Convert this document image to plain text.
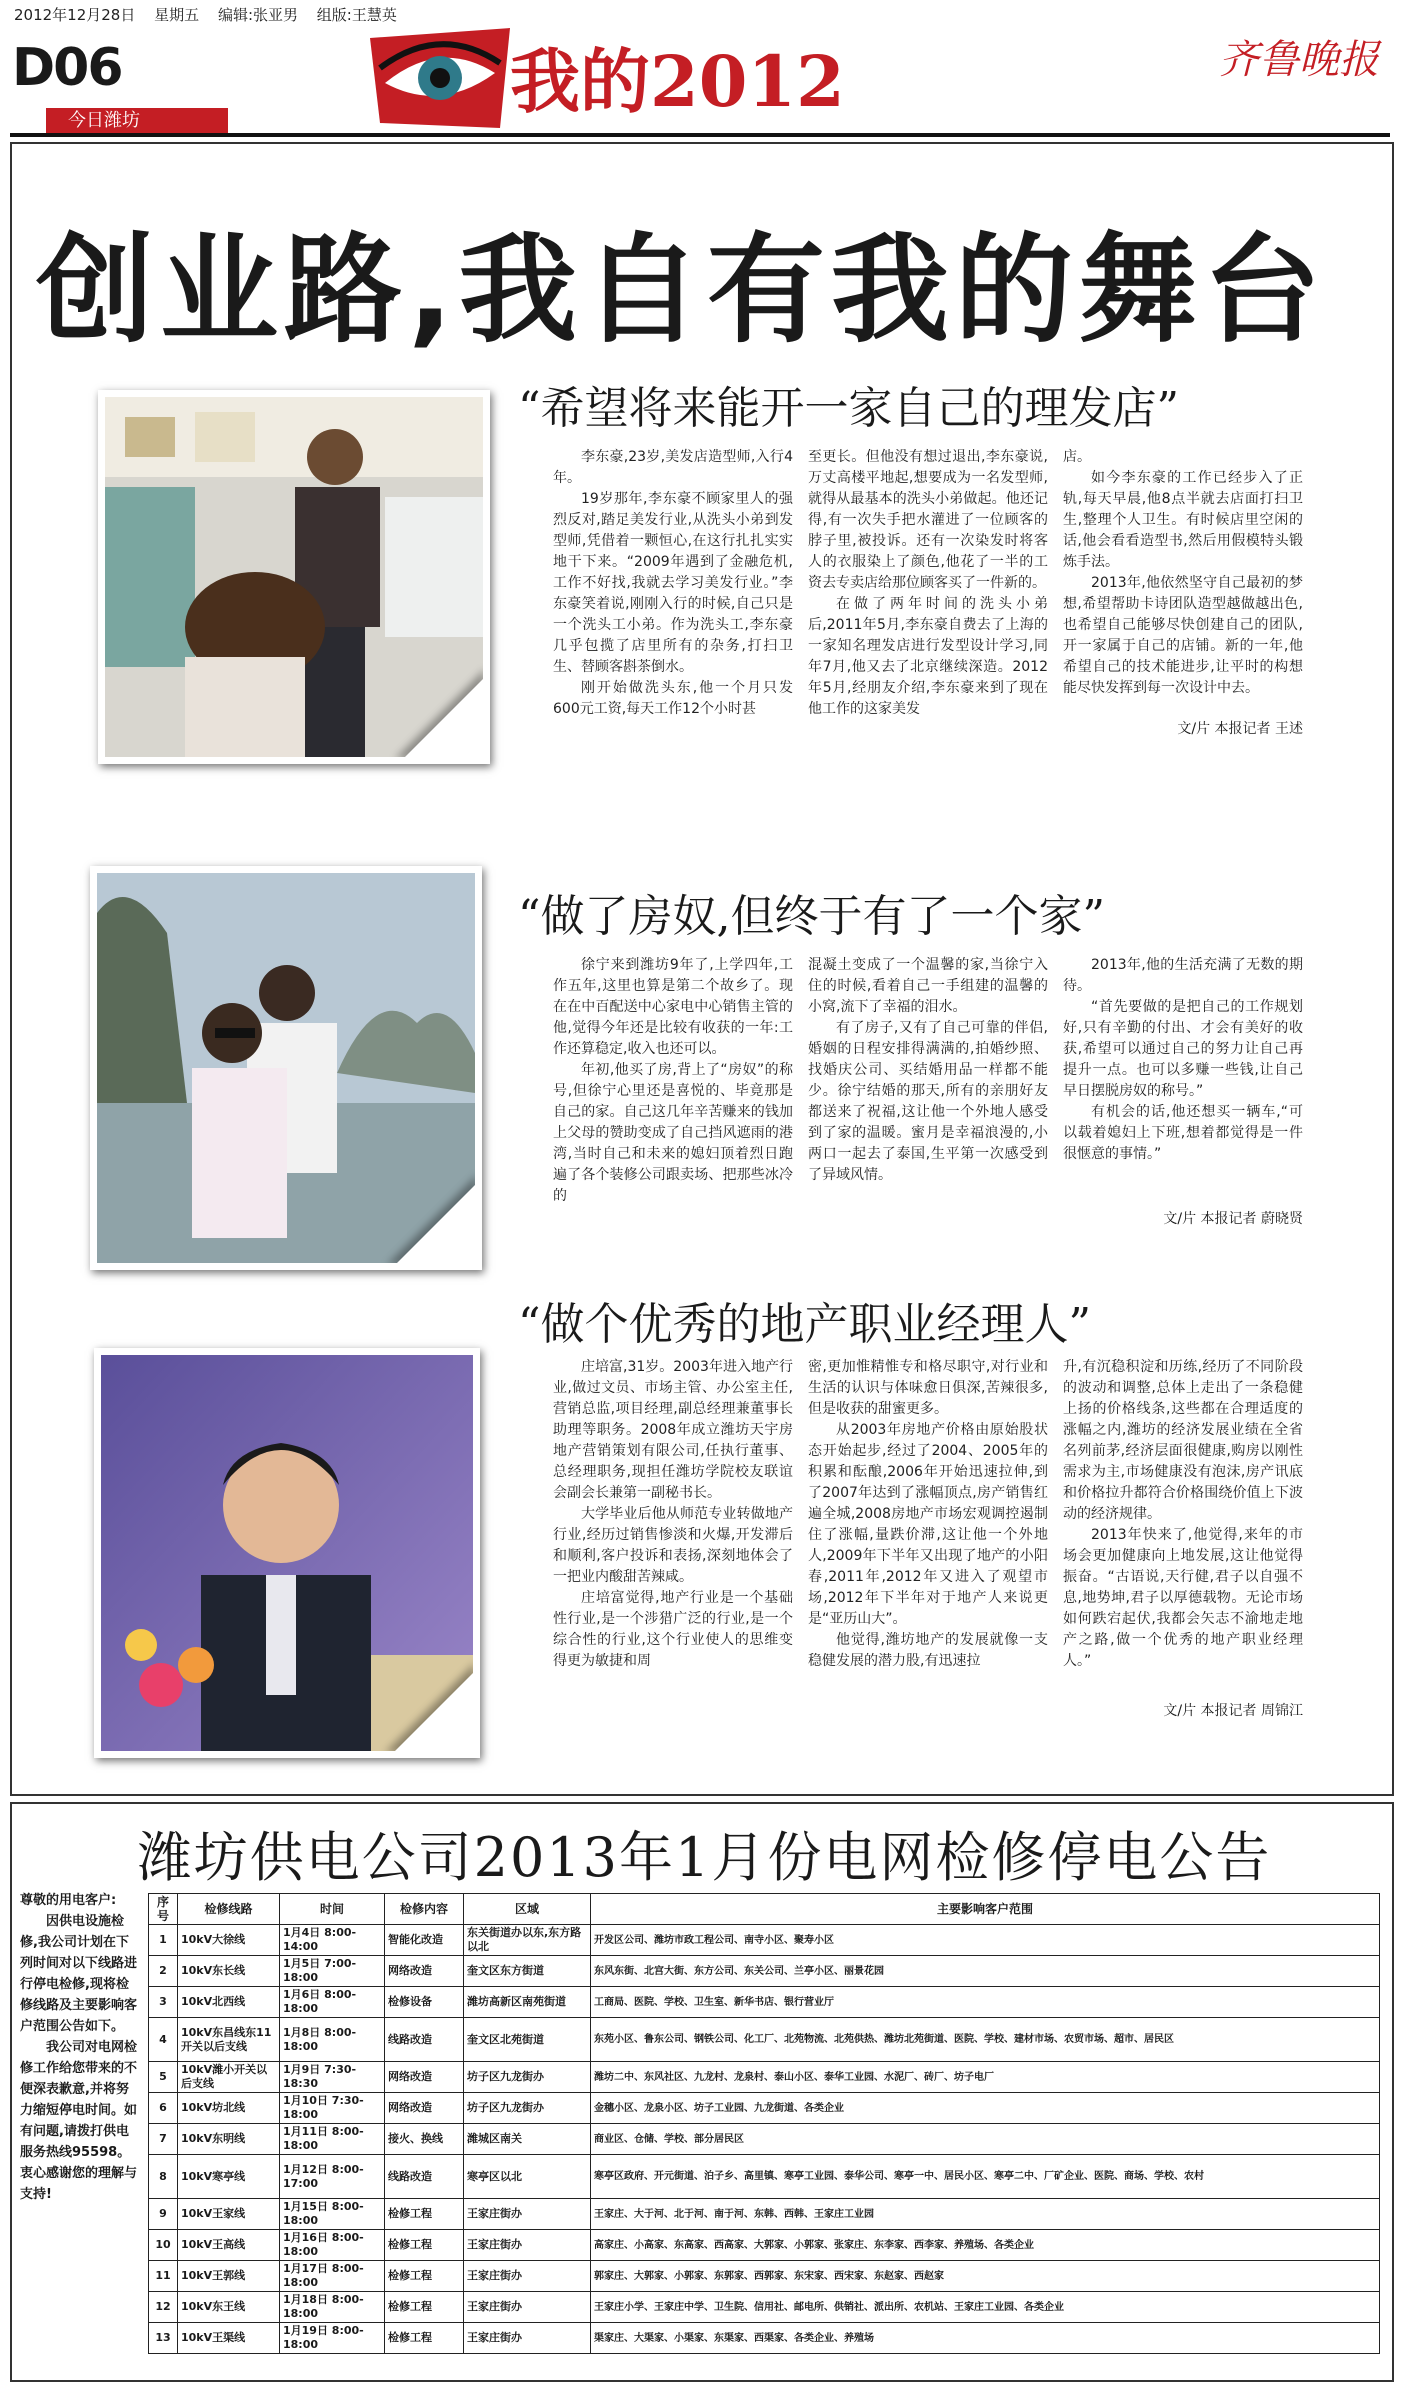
2012年12月28日 星期五 编辑:张亚男 组版:王慧英
D06
今日潍坊	我的2012	齐鲁晚报
创业路,我自有我的舞台
“希望将来能开一家自己的理发店”

李东豪,23岁,美发店造型师,入行4年。

19岁那年,李东豪不顾家里人的强烈反对,踏足美发行业,从洗头小弟到发型师,凭借着一颗恒心,在这行扎扎实实地干下来。“2009年遇到了金融危机,工作不好找,我就去学习美发行业。”李东豪笑着说,刚刚入行的时候,自己只是一个洗头工小弟。作为洗头工,李东豪几乎包揽了店里所有的杂务,打扫卫生、替顾客斟茶倒水。

刚开始做洗头东,他一个月只发600元工资,每天工作12个小时甚

至更长。但他没有想过退出,李东豪说,万丈高楼平地起,想要成为一名发型师,就得从最基本的洗头小弟做起。他还记得,有一次失手把水灌进了一位顾客的脖子里,被投诉。还有一次染发时将客人的衣服染上了颜色,他花了一半的工资去专卖店给那位顾客买了一件新的。

在做了两年时间的洗头小弟后,2011年5月,李东豪自费去了上海的一家知名理发店进行发型设计学习,同年7月,他又去了北京继续深造。2012年5月,经朋友介绍,李东豪来到了现在他工作的这家美发

店。

如今李东豪的工作已经步入了正轨,每天早晨,他8点半就去店面打扫卫生,整理个人卫生。有时候店里空闲的话,他会看看造型书,然后用假模特头锻炼手法。

2013年,他依然坚守自己最初的梦想,希望帮助卡诗团队造型越做越出色,也希望自己能够尽快创建自己的团队,开一家属于自己的店铺。新的一年,他希望自己的技术能进步,让平时的构想能尽快发挥到每一次设计中去。

文/片 本报记者 王述
“做了房奴,但终于有了一个家”

徐宁来到潍坊9年了,上学四年,工作五年,这里也算是第二个故乡了。现在在中百配送中心家电中心销售主管的他,觉得今年还是比较有收获的一年:工作还算稳定,收入也还可以。

年初,他买了房,背上了“房奴”的称号,但徐宁心里还是喜悦的、毕竟那是自己的家。自己这几年辛苦赚来的钱加上父母的赞助变成了自己挡风遮雨的港湾,当时自己和未来的媳妇顶着烈日跑遍了各个装修公司跟卖场、把那些冰冷的

混凝土变成了一个温馨的家,当徐宁入住的时候,看着自己一手组建的温馨的小窝,流下了幸福的泪水。

有了房子,又有了自己可靠的伴侣,婚姻的日程安排得满满的,拍婚纱照、找婚庆公司、买结婚用品一样都不能少。徐宁结婚的那天,所有的亲朋好友都送来了祝福,这让他一个外地人感受到了家的温暖。蜜月是幸福浪漫的,小两口一起去了泰国,生平第一次感受到了异域风情。

2013年,他的生活充满了无数的期待。

“首先要做的是把自己的工作规划好,只有辛勤的付出、才会有美好的收获,希望可以通过自己的努力让自己再提升一点。也可以多赚一些钱,让自己早日摆脱房奴的称号。”

有机会的话,他还想买一辆车,“可以载着媳妇上下班,想着都觉得是一件很惬意的事情。”

文/片 本报记者 蔚晓贤
“做个优秀的地产职业经理人”

庄培富,31岁。2003年进入地产行业,做过文员、市场主管、办公室主任,营销总监,项目经理,副总经理兼董事长助理等职务。2008年成立潍坊天宇房地产营销策划有限公司,任执行董事、总经理职务,现担任潍坊学院校友联谊会副会长兼第一副秘书长。

大学毕业后他从师范专业转做地产行业,经历过销售惨淡和火爆,开发滞后和顺利,客户投诉和表扬,深刻地体会了一把业内酸甜苦辣咸。

庄培富觉得,地产行业是一个基础性行业,是一个涉猎广泛的行业,是一个综合性的行业,这个行业使人的思维变得更为敏捷和周

密,更加惟精惟专和格尽职守,对行业和生活的认识与体味愈日俱深,苦辣很多,但是收获的甜蜜更多。

从2003年房地产价格由原始股状态开始起步,经过了2004、2005年的积累和酝酿,2006年开始迅速拉伸,到了2007年达到了涨幅顶点,房产销售红遍全城,2008房地产市场宏观调控遏制住了涨幅,量跌价滞,这让他一个外地人,2009年下半年又出现了地产的小阳春,2011年,2012年又进入了观望市场,2012年下半年对于地产人来说更是“亚历山大”。

他觉得,潍坊地产的发展就像一支稳健发展的潜力股,有迅速拉

升,有沉稳积淀和历练,经历了不同阶段的波动和调整,总体上走出了一条稳健上扬的价格线条,这些都在合理适度的涨幅之内,潍坊的经济发展业绩在全省名列前茅,经济层面很健康,购房以刚性需求为主,市场健康没有泡沫,房产讯底和价格拉升都符合价格围绕价值上下波动的经济规律。

2013年快来了,他觉得,来年的市场会更加健康向上地发展,这让他觉得振奋。“古语说,天行健,君子以自强不息,地势坤,君子以厚德载物。无论市场如何跌宕起伏,我都会矢志不渝地走地产之路,做一个优秀的地产职业经理人。”

文/片 本报记者 周锦江
潍坊供电公司2013年1月份电网检修停电公告

尊敬的用电客户:

因供电设施检修,我公司计划在下列时间对以下线路进行停电检修,现将检修线路及主要影响客户范围公告如下。

我公司对电网检修工作给您带来的不便深表歉意,并将努力缩短停电时间。如有问题,请拨打供电服务热线95598。衷心感谢您的理解与支持!

序号	检修线路	时间	检修内容	区域	主要影响客户范围
1	10kV大徐线	1月4日 8:00-14:00	智能化改造	东关街道办以东,东方路以北	开发区公司、潍坊市政工程公司、南寺小区、聚寿小区
2	10kV东长线	1月5日 7:00-18:00	网络改造	奎文区东方街道	东风东街、北宫大街、东方公司、东关公司、兰亭小区、丽景花园
3	10kV北西线	1月6日 8:00-18:00	检修设备	潍坊高新区南苑街道	工商局、医院、学校、卫生室、新华书店、银行营业厅
4	10kV东昌线东11开关以后支线	1月8日 8:00-18:00	线路改造	奎文区北苑街道	东苑小区、鲁东公司、钢铁公司、化工厂、北苑物流、北苑供热、潍坊北苑街道、医院、学校、建材市场、农贸市场、超市、居民区
5	10kV潍小开关以后支线	1月9日 7:30-18:30	网络改造	坊子区九龙街办	潍坊二中、东风社区、九龙村、龙泉村、泰山小区、泰华工业园、水泥厂、砖厂、坊子电厂
6	10kV坊北线	1月10日 7:30-18:00	网络改造	坊子区九龙街办	金穗小区、龙泉小区、坊子工业园、九龙街道、各类企业
7	10kV东明线	1月11日 8:00-18:00	接火、换线	潍城区南关	商业区、仓储、学校、部分居民区
8	10kV寒亭线	1月12日 8:00-17:00	线路改造	寒亭区以北	寒亭区政府、开元街道、泊子乡、高里镇、寒亭工业园、泰华公司、寒亭一中、居民小区、寒亭二中、厂矿企业、医院、商场、学校、农村
9	10kV王家线	1月15日 8:00-18:00	检修工程	王家庄街办	王家庄、大于河、北于河、南于河、东韩、西韩、王家庄工业园
10	10kV王高线	1月16日 8:00-18:00	检修工程	王家庄街办	高家庄、小高家、东高家、西高家、大郭家、小郭家、张家庄、东李家、西李家、养殖场、各类企业
11	10kV王郭线	1月17日 8:00-18:00	检修工程	王家庄街办	郭家庄、大郭家、小郭家、东郭家、西郭家、东宋家、西宋家、东赵家、西赵家
12	10kV东王线	1月18日 8:00-18:00	检修工程	王家庄街办	王家庄小学、王家庄中学、卫生院、信用社、邮电所、供销社、派出所、农机站、王家庄工业园、各类企业
13	10kV王渠线	1月19日 8:00-18:00	检修工程	王家庄街办	渠家庄、大渠家、小渠家、东渠家、西渠家、各类企业、养殖场
